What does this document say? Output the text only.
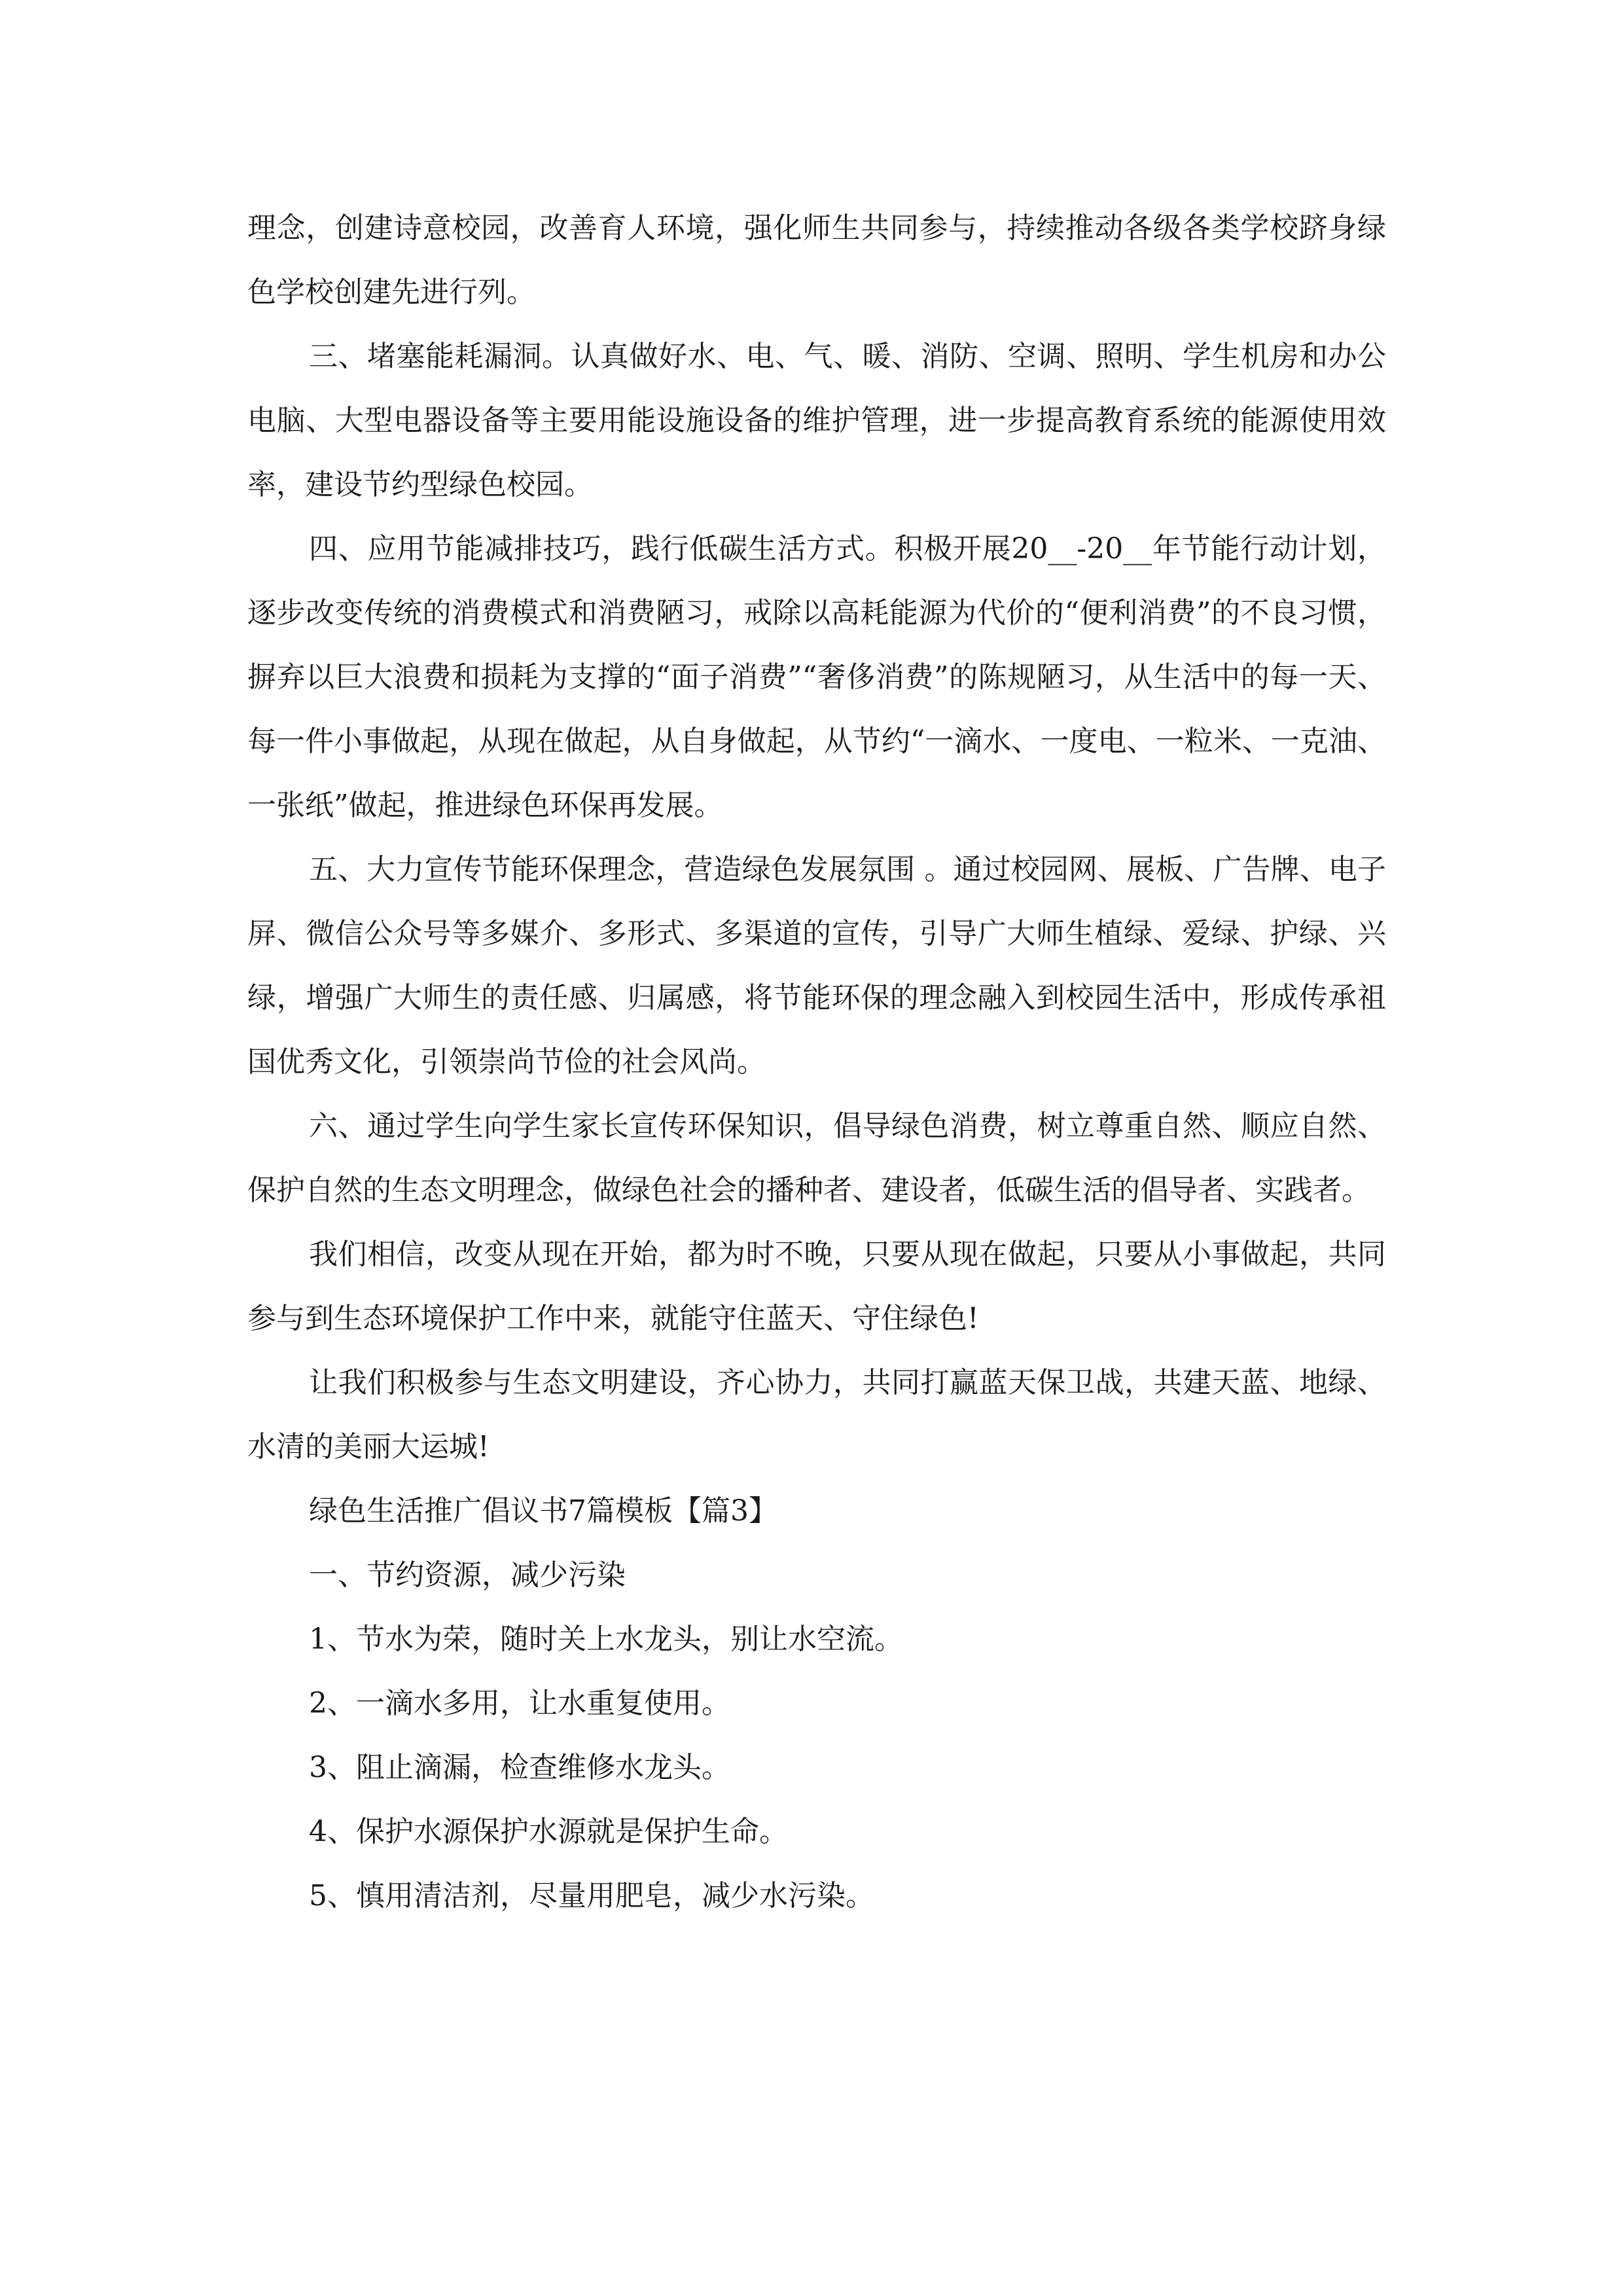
理念，创建诗意校园，改善育人环境，强化师生共同参与，持续推动各级各类学校跻身绿色学校创建先进行列。

三、堵塞能耗漏洞。认真做好水、电、气、暖、消防、空调、照明、学生机房和办公电脑、大型电器设备等主要用能设施设备的维护管理，进一步提高教育系统的能源使用效率，建设节约型绿色校园。

四、应用节能减排技巧，践行低碳生活方式。积极开展20__-20__年节能行动计划，逐步改变传统的消费模式和消费陋习，戒除以高耗能源为代价的“便利消费”的不良习惯，摒弃以巨大浪费和损耗为支撑的“面子消费”“奢侈消费”的陈规陋习，从生活中的每一天、每一件小事做起，从现在做起，从自身做起，从节约“一滴水、一度电、一粒米、一克油、一张纸”做起，推进绿色环保再发展。

五、大力宣传节能环保理念，营造绿色发展氛围 。通过校园网、展板、广告牌、电子屏、微信公众号等多媒介、多形式、多渠道的宣传，引导广大师生植绿、爱绿、护绿、兴绿，增强广大师生的责任感、归属感，将节能环保的理念融入到校园生活中，形成传承祖国优秀文化，引领崇尚节俭的社会风尚。

六、通过学生向学生家长宣传环保知识，倡导绿色消费，树立尊重自然、顺应自然、保护自然的生态文明理念，做绿色社会的播种者、建设者，低碳生活的倡导者、实践者。

我们相信，改变从现在开始，都为时不晚，只要从现在做起，只要从小事做起，共同参与到生态环境保护工作中来，就能守住蓝天、守住绿色!

让我们积极参与生态文明建设，齐心协力，共同打赢蓝天保卫战，共建天蓝、地绿、水清的美丽大运城!

绿色生活推广倡议书7篇模板【篇3】

一、节约资源，减少污染

1、节水为荣，随时关上水龙头，别让水空流。

2、一滴水多用，让水重复使用。

3、阻止滴漏，检查维修水龙头。

4、保护水源保护水源就是保护生命。

5、慎用清洁剂，尽量用肥皂，减少水污染。
